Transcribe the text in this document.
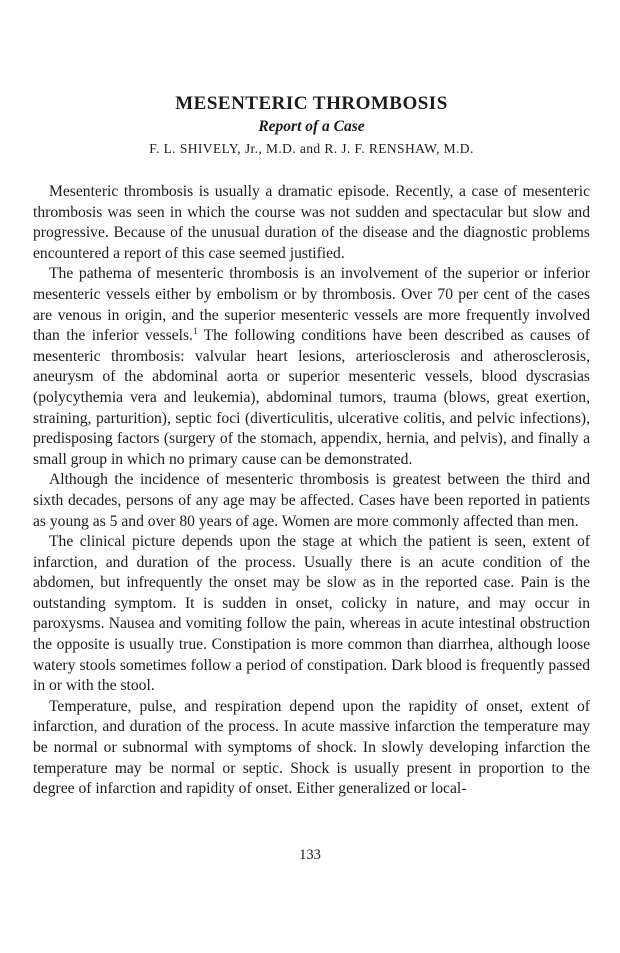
MESENTERIC THROMBOSIS
Report of a Case
F. L. SHIVELY, Jr., M.D. and R. J. F. RENSHAW, M.D.

Mesenteric thrombosis is usually a dramatic episode. Recently, a case of mesenteric thrombosis was seen in which the course was not sudden and spectacular but slow and progressive. Because of the unusual duration of the disease and the diagnostic problems encountered a report of this case seemed justified.

The pathema of mesenteric thrombosis is an involvement of the superior or inferior mesenteric vessels either by embolism or by thrombosis. Over 70 per cent of the cases are venous in origin, and the superior mesenteric vessels are more frequently involved than the inferior vessels.$^1$ The following conditions have been described as causes of mesenteric thrombosis: valvular heart lesions, arteriosclerosis and atherosclerosis, aneurysm of the abdominal aorta or superior mesenteric vessels, blood dyscrasias (polycythemia vera and leukemia), abdominal tumors, trauma (blows, great exertion, straining, parturition), septic foci (diverticulitis, ulcerative colitis, and pelvic infections), predisposing factors (surgery of the stomach, appendix, hernia, and pelvis), and finally a small group in which no primary cause can be demonstrated.

Although the incidence of mesenteric thrombosis is greatest between the third and sixth decades, persons of any age may be affected. Cases have been reported in patients as young as 5 and over 80 years of age. Women are more commonly affected than men.

The clinical picture depends upon the stage at which the patient is seen, extent of infarction, and duration of the process. Usually there is an acute condition of the abdomen, but infrequently the onset may be slow as in the reported case. Pain is the outstanding symptom. It is sudden in onset, colicky in nature, and may occur in paroxysms. Nausea and vomiting follow the pain, whereas in acute intestinal obstruction the opposite is usually true. Constipation is more common than diarrhea, although loose watery stools sometimes follow a period of constipation. Dark blood is frequently passed in or with the stool.

Temperature, pulse, and respiration depend upon the rapidity of onset, extent of infarction, and duration of the process. In acute massive infarction the temperature may be normal or subnormal with symptoms of shock. In slowly developing infarction the temperature may be normal or septic. Shock is usually present in proportion to the degree of infarction and rapidity of onset. Either generalized or local-

133
